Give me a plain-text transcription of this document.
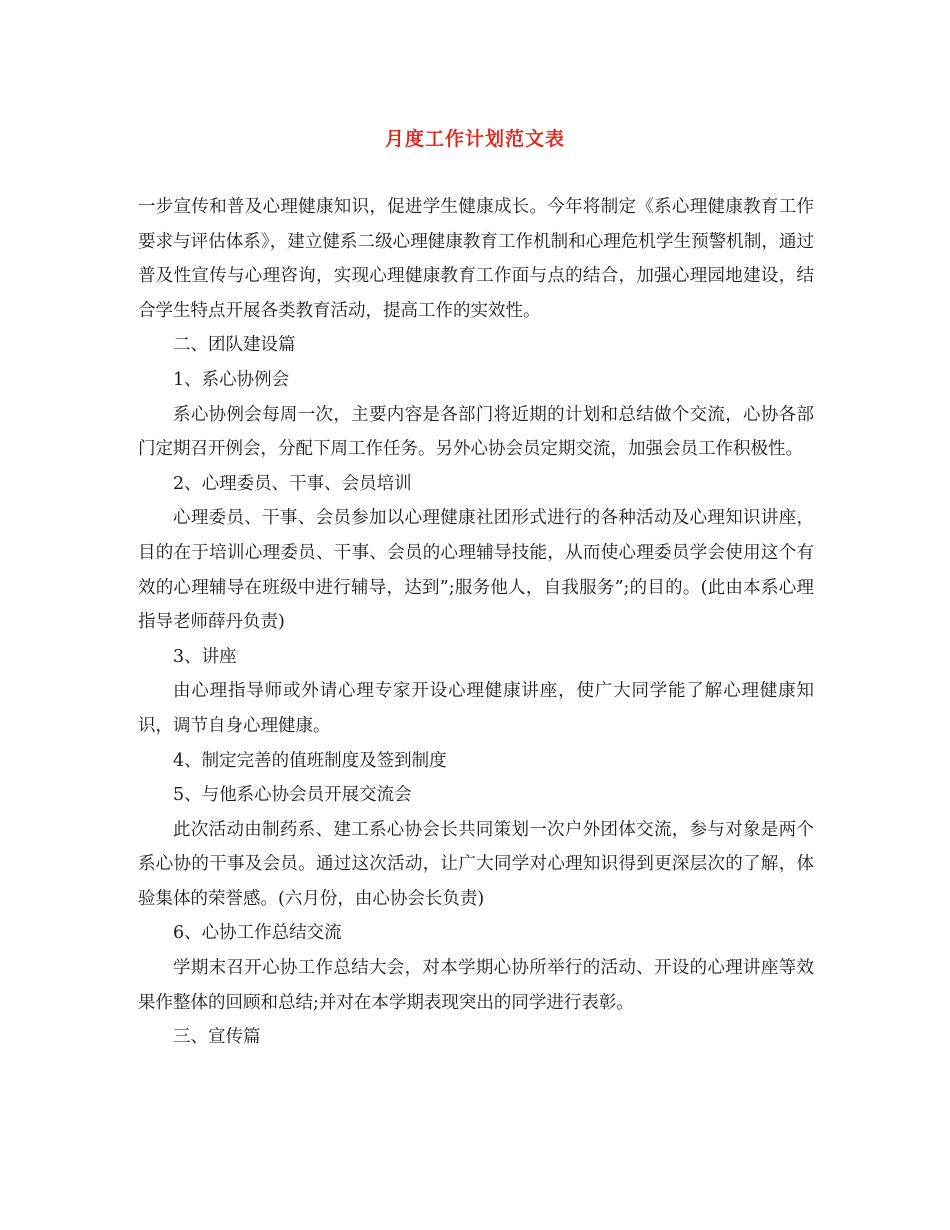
月度工作计划范文表

一步宣传和普及心理健康知识，促进学生健康成长。今年将制定《系心理健康教育工作要求与评估体系》，建立健系二级心理健康教育工作机制和心理危机学生预警机制，通过普及性宣传与心理咨询，实现心理健康教育工作面与点的结合，加强心理园地建设，结合学生特点开展各类教育活动，提高工作的实效性。

二、团队建设篇

1、系心协例会

系心协例会每周一次，主要内容是各部门将近期的计划和总结做个交流，心协各部门定期召开例会，分配下周工作任务。另外心协会员定期交流，加强会员工作积极性。

2、心理委员、干事、会员培训

心理委员、干事、会员参加以心理健康社团形式进行的各种活动及心理知识讲座，目的在于培训心理委员、干事、会员的心理辅导技能，从而使心理委员学会使用这个有效的心理辅导在班级中进行辅导，达到”;服务他人，自我服务”;的目的。(此由本系心理指导老师薛丹负责)

3、讲座

由心理指导师或外请心理专家开设心理健康讲座，使广大同学能了解心理健康知识，调节自身心理健康。

4、制定完善的值班制度及签到制度

5、与他系心协会员开展交流会

此次活动由制药系、建工系心协会长共同策划一次户外团体交流，参与对象是两个系心协的干事及会员。通过这次活动，让广大同学对心理知识得到更深层次的了解，体验集体的荣誉感。(六月份，由心协会长负责)

6、心协工作总结交流

学期末召开心协工作总结大会，对本学期心协所举行的活动、开设的心理讲座等效果作整体的回顾和总结;并对在本学期表现突出的同学进行表彰。

三、宣传篇
